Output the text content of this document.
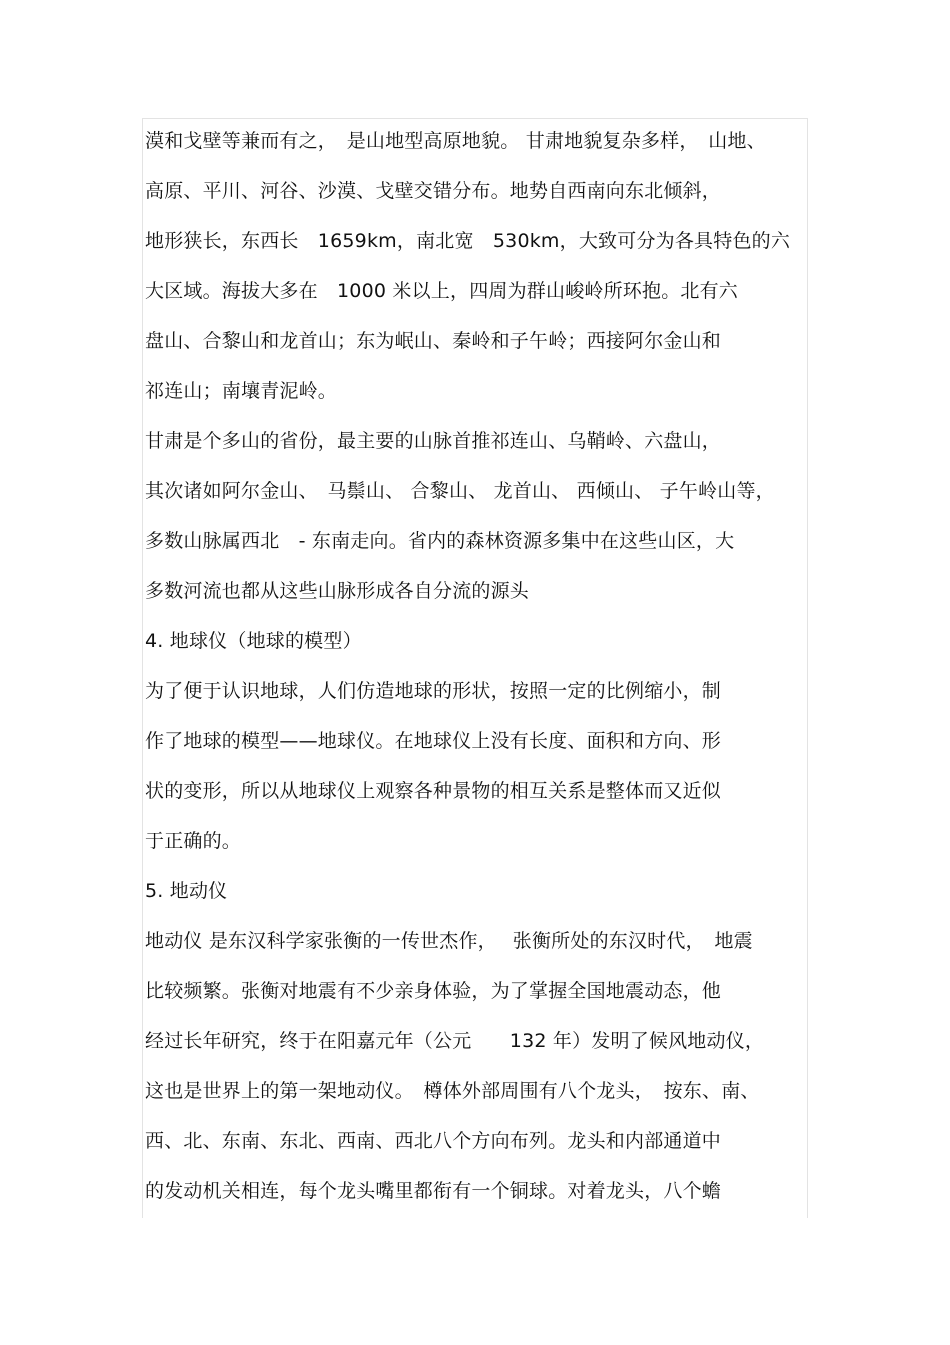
漠和戈壁等兼而有之，　是山地型高原地貌。 甘肃地貌复杂多样，　山地、
高原、平川、河谷、沙漠、戈壁交错分布。地势自西南向东北倾斜，
地形狭长，东西长　1659km，南北宽　530km，大致可分为各具特色的六
大区域。海拔大多在　1000 米以上，四周为群山峻岭所环抱。北有六
盘山、合黎山和龙首山；东为岷山、秦岭和子午岭；西接阿尔金山和
祁连山；南壤青泥岭。
甘肃是个多山的省份，最主要的山脉首推祁连山、乌鞘岭、六盘山，
其次诸如阿尔金山、　马鬃山、 合黎山、 龙首山、 西倾山、 子午岭山等，
多数山脉属西北　- 东南走向。省内的森林资源多集中在这些山区，大
多数河流也都从这些山脉形成各自分流的源头
4. 地球仪（地球的模型）
为了便于认识地球，人们仿造地球的形状，按照一定的比例缩小，制
作了地球的模型——地球仪。在地球仪上没有长度、面积和方向、形
状的变形，所以从地球仪上观察各种景物的相互关系是整体而又近似
于正确的。
5. 地动仪
地动仪 是东汉科学家张衡的一传世杰作，　 张衡所处的东汉时代，　地震
比较频繁。张衡对地震有不少亲身体验，为了掌握全国地震动态，他
经过长年研究，终于在阳嘉元年（公元　　132 年）发明了候风地动仪，
这也是世界上的第一架地动仪。　樽体外部周围有八个龙头，　按东、南、
西、北、东南、东北、西南、西北八个方向布列。龙头和内部通道中
的发动机关相连，每个龙头嘴里都衔有一个铜球。对着龙头，八个蟾
